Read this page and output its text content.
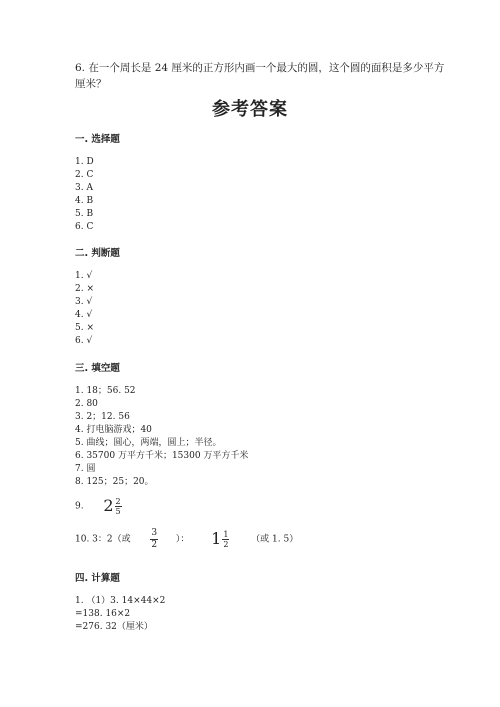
6. 在一个周长是 24 厘米的正方形内画一个最大的圆，这个圆的面积是多少平方
厘米？
参考答案
一. 选择题
1. D
2. C
3. A
4. B
5. B
6. C
二. 判断题
1. √
2. ×
3. √
4. √
5. ×
6. √
三. 填空题
1. 18；56. 52
2. 80
3. 2；12. 56
4. 打电脑游戏；40
5. 曲线；圆心，两端，圆上；半径。
6. 35700 万平方千米；15300 万平方千米
7. 圆
8. 125；25；20。
9. $2 \frac{2}{5}$
10. 3：2（或 $\frac{3}{2}$ ）： $1 \frac{1}{2}$ （或 1. 5）
四. 计算题
1. （1）3. 14×44×2
=138. 16×2
=276. 32（厘米）
